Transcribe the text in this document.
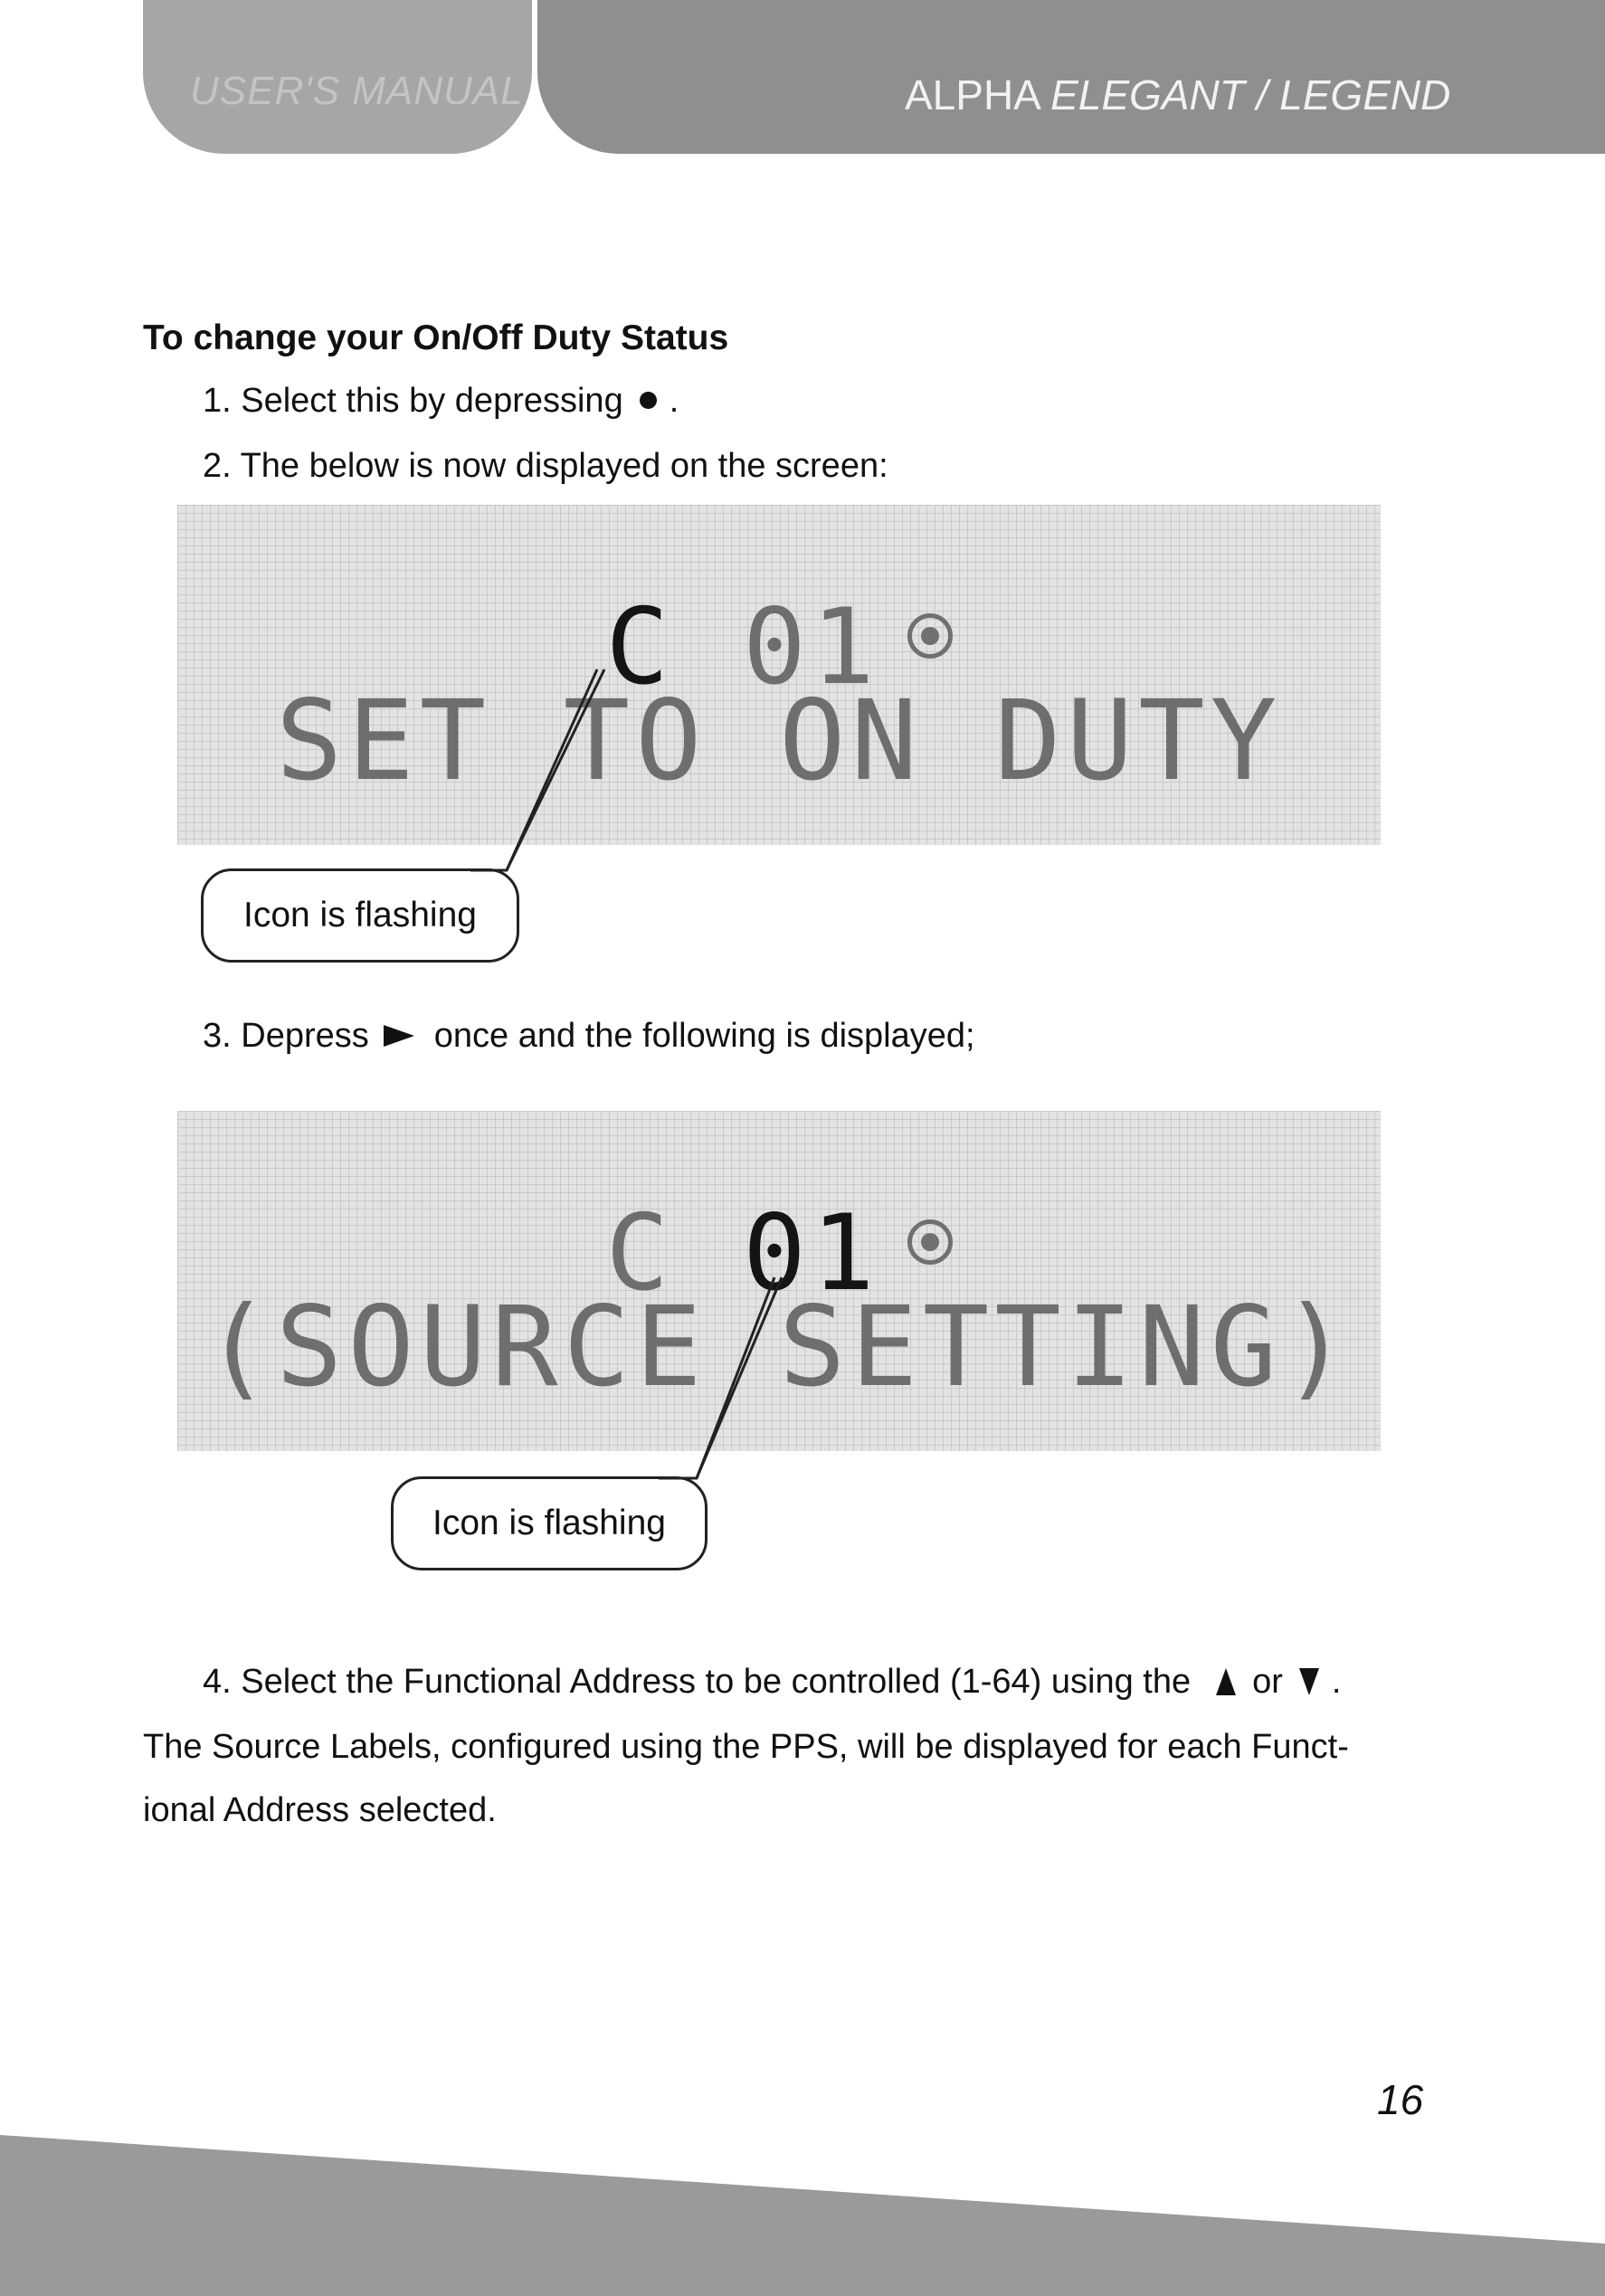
USER'S MANUAL	ALPHA ELEGANT / LEGEND
To change your On/Off Duty Status
1. Select this by depressing .
2. The below is now displayed on the screen:
C 01
SET TO ON DUTY
Icon is flashing
3. Depress once and the following is displayed;
C 01
(SOURCE SETTING)
Icon is flashing
4. Select the Functional Address to be controlled (1-64) using the or .
The Source Labels, configured using the PPS, will be displayed for each Funct-
ional Address selected.
16
